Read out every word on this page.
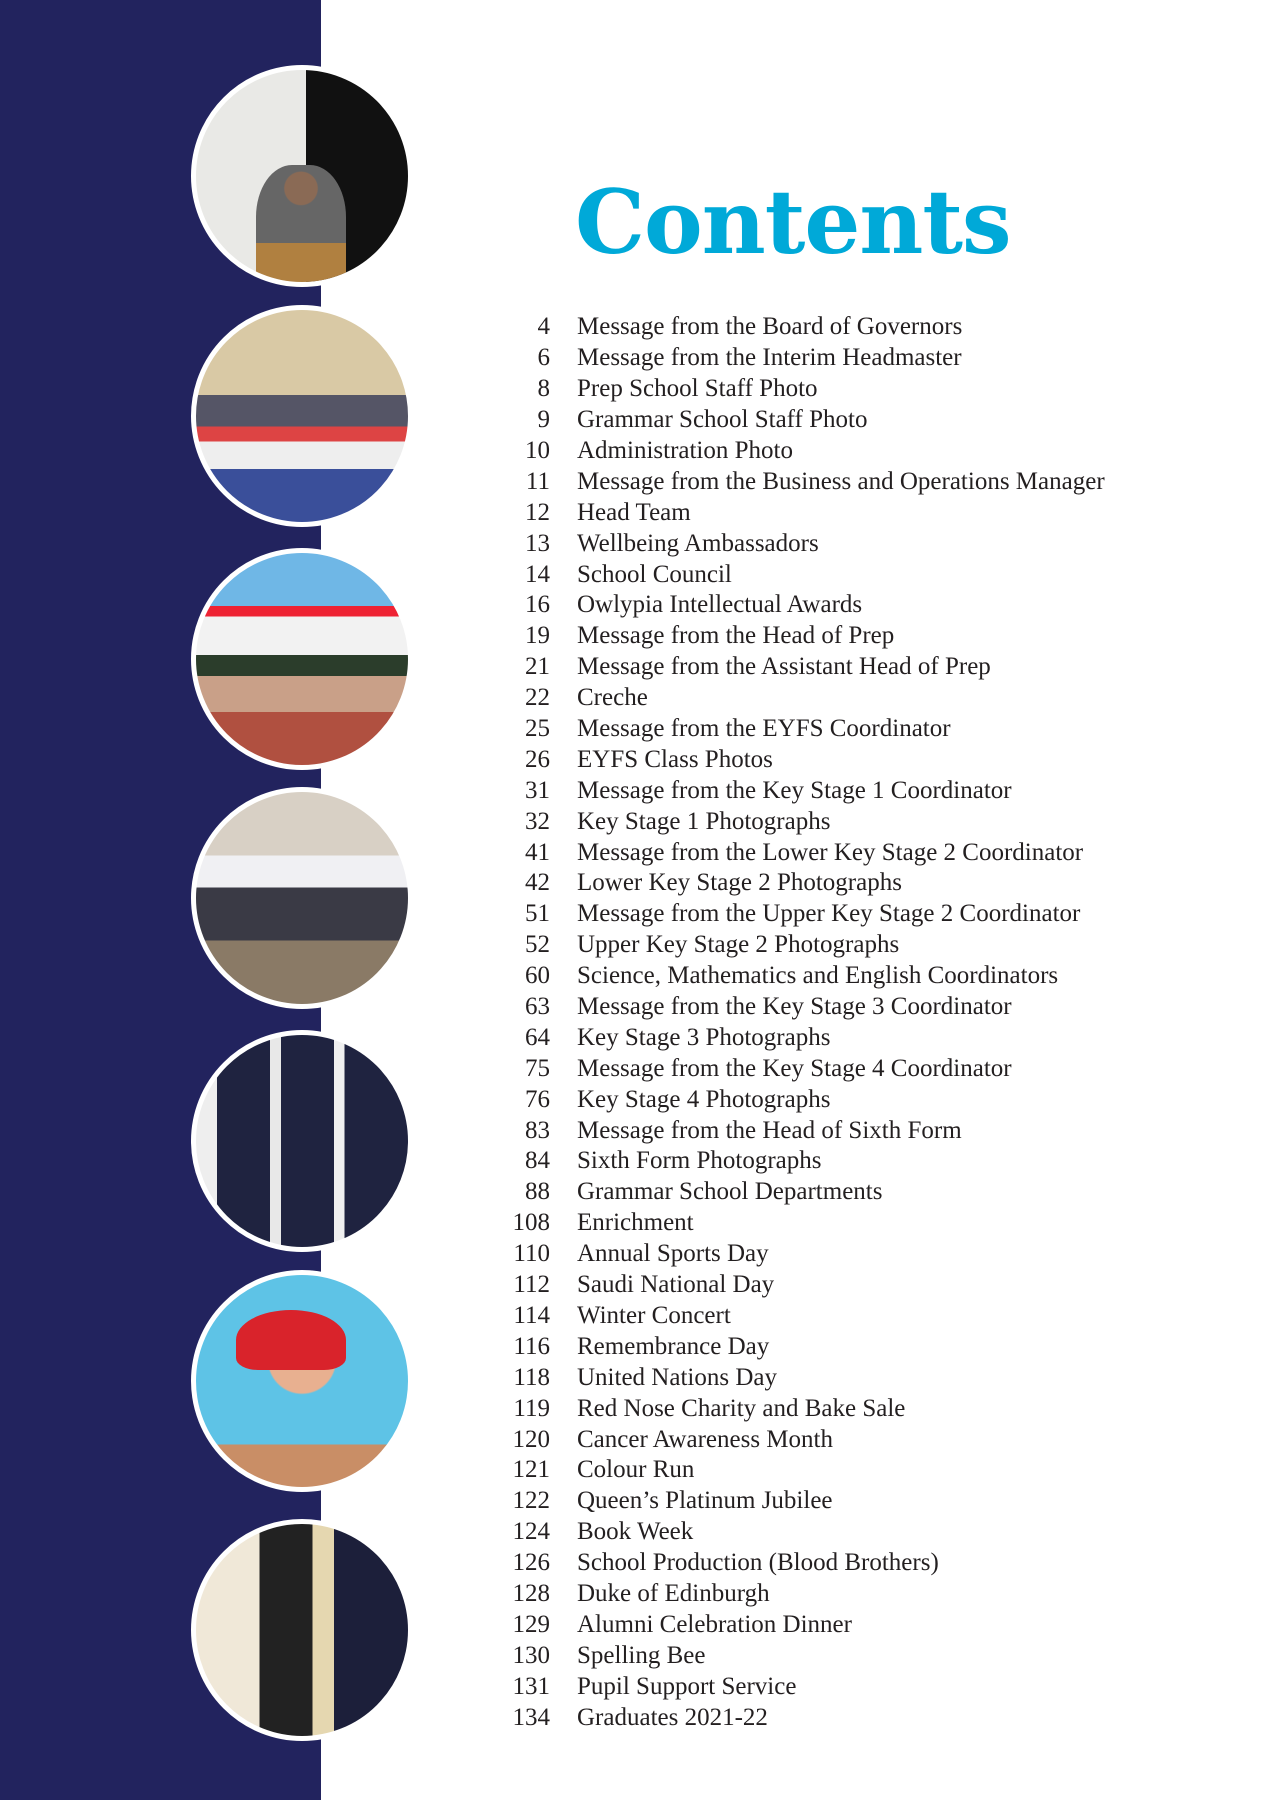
Contents
4 Message from the Board of Governors
6 Message from the Interim Headmaster
8 Prep School Staff Photo
9 Grammar School Staff Photo
10 Administration Photo
11 Message from the Business and Operations Manager
12 Head Team
13 Wellbeing Ambassadors
14 School Council
16 Owlypia Intellectual Awards
19 Message from the Head of Prep
21 Message from the Assistant Head of Prep
22 Creche
25 Message from the EYFS Coordinator
26 EYFS Class Photos
31 Message from the Key Stage 1 Coordinator
32 Key Stage 1 Photographs
41 Message from the Lower Key Stage 2 Coordinator
42 Lower Key Stage 2 Photographs
51 Message from the Upper Key Stage 2 Coordinator
52 Upper Key Stage 2 Photographs
60 Science, Mathematics and English Coordinators
63 Message from the Key Stage 3 Coordinator
64 Key Stage 3 Photographs
75 Message from the Key Stage 4 Coordinator
76 Key Stage 4 Photographs
83 Message from the Head of Sixth Form
84 Sixth Form Photographs
88 Grammar School Departments
108 Enrichment
110 Annual Sports Day
112 Saudi National Day
114 Winter Concert
116 Remembrance Day
118 United Nations Day
119 Red Nose Charity and Bake Sale
120 Cancer Awareness Month
121 Colour Run
122 Queen’s Platinum Jubilee
124 Book Week
126 School Production (Blood Brothers)
128 Duke of Edinburgh
129 Alumni Celebration Dinner
130 Spelling Bee
131 Pupil Support Service
134 Graduates 2021-22
